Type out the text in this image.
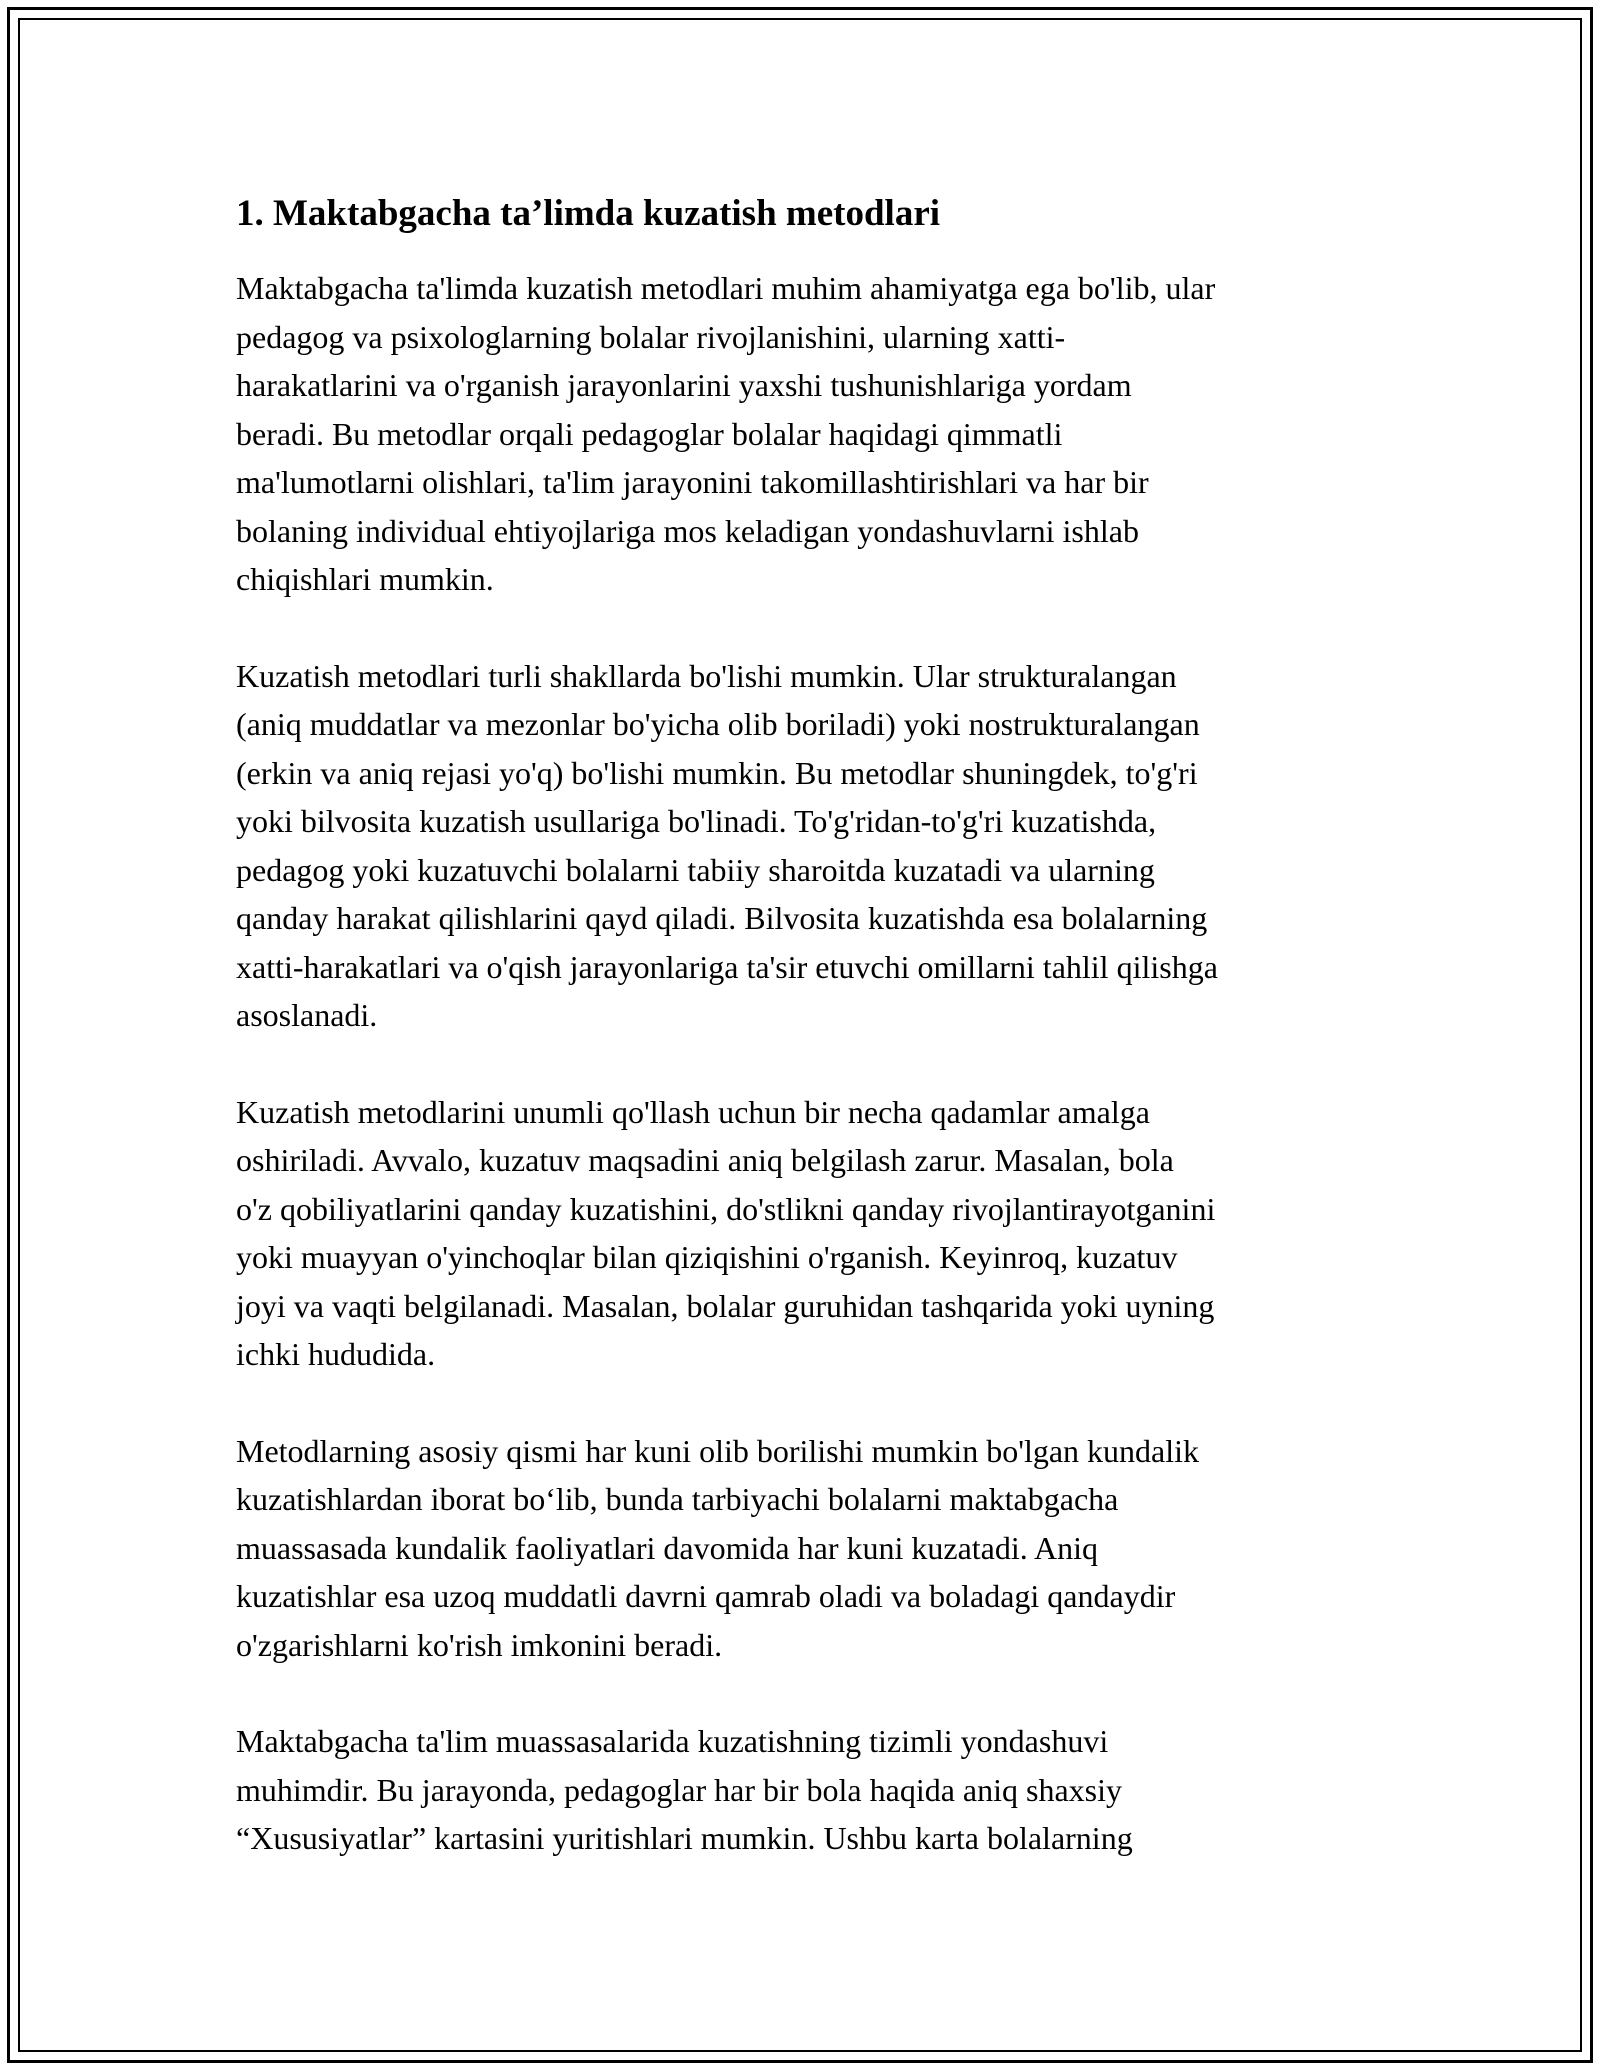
1. Maktabgacha ta’limda kuzatish metodlari

Maktabgacha ta'limda kuzatish metodlari muhim ahamiyatga ega bo'lib, ular
pedagog va psixologlarning bolalar rivojlanishini, ularning xatti-
harakatlarini va o'rganish jarayonlarini yaxshi tushunishlariga yordam
beradi. Bu metodlar orqali pedagoglar bolalar haqidagi qimmatli
ma'lumotlarni olishlari, ta'lim jarayonini takomillashtirishlari va har bir
bolaning individual ehtiyojlariga mos keladigan yondashuvlarni ishlab
chiqishlari mumkin.

Kuzatish metodlari turli shakllarda bo'lishi mumkin. Ular strukturalangan
(aniq muddatlar va mezonlar bo'yicha olib boriladi) yoki nostrukturalangan
(erkin va aniq rejasi yo'q) bo'lishi mumkin. Bu metodlar shuningdek, to'g'ri
yoki bilvosita kuzatish usullariga bo'linadi. To'g'ridan-to'g'ri kuzatishda,
pedagog yoki kuzatuvchi bolalarni tabiiy sharoitda kuzatadi va ularning
qanday harakat qilishlarini qayd qiladi. Bilvosita kuzatishda esa bolalarning
xatti-harakatlari va o'qish jarayonlariga ta'sir etuvchi omillarni tahlil qilishga
asoslanadi.

Kuzatish metodlarini unumli qo'llash uchun bir necha qadamlar amalga
oshiriladi. Avvalo, kuzatuv maqsadini aniq belgilash zarur. Masalan, bola
o'z qobiliyatlarini qanday kuzatishini, do'stlikni qanday rivojlantirayotganini
yoki muayyan o'yinchoqlar bilan qiziqishini o'rganish. Keyinroq, kuzatuv
joyi va vaqti belgilanadi. Masalan, bolalar guruhidan tashqarida yoki uyning
ichki hududida.

Metodlarning asosiy qismi har kuni olib borilishi mumkin bo'lgan kundalik
kuzatishlardan iborat bo‘lib, bunda tarbiyachi bolalarni maktabgacha
muassasada kundalik faoliyatlari davomida har kuni kuzatadi. Aniq
kuzatishlar esa uzoq muddatli davrni qamrab oladi va boladagi qandaydir
o'zgarishlarni ko'rish imkonini beradi.

Maktabgacha ta'lim muassasalarida kuzatishning tizimli yondashuvi
muhimdir. Bu jarayonda, pedagoglar har bir bola haqida aniq shaxsiy
“Xususiyatlar” kartasini yuritishlari mumkin. Ushbu karta bolalarning
